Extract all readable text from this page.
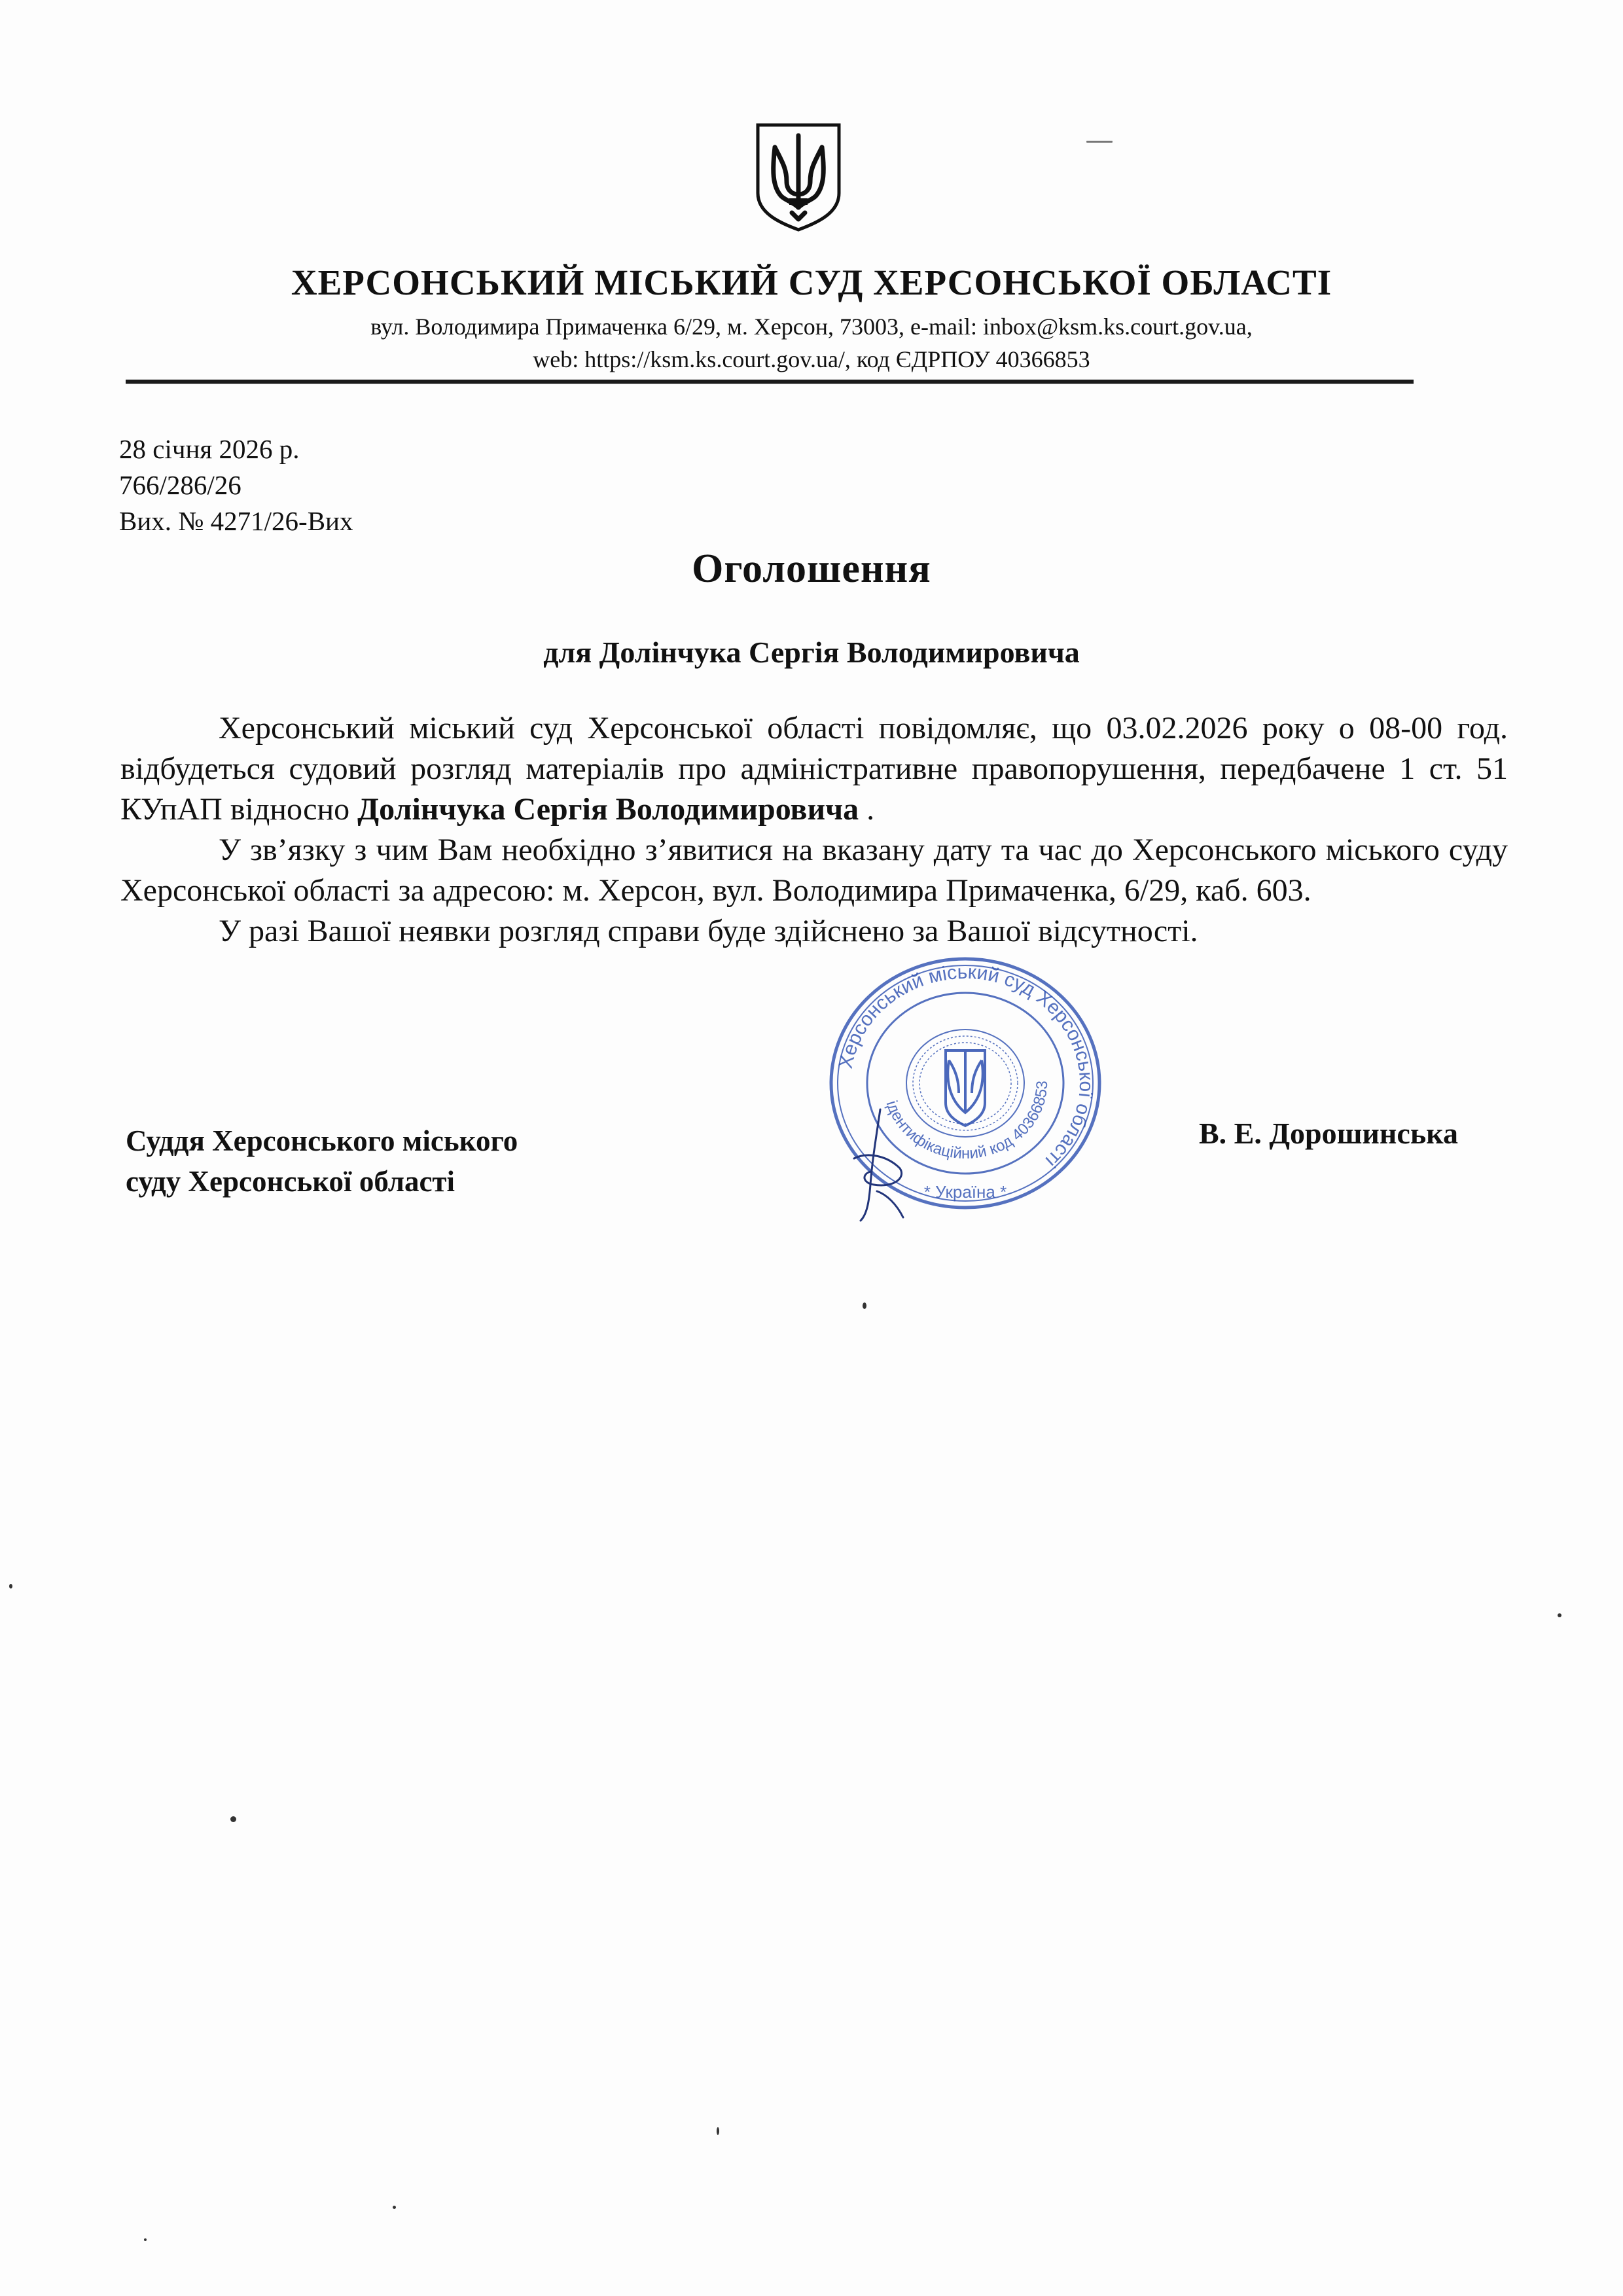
ХЕРСОНСЬКИЙ МІСЬКИЙ СУД ХЕРСОНСЬКОЇ ОБЛАСТІ
вул. Володимира Примаченка 6/29, м. Херсон, 73003, e-mail: inbox@ksm.ks.court.gov.ua,
web: https://ksm.ks.court.gov.ua/, код ЄДРПОУ 40366853
28 січня 2026 р.
766/286/26
Вих. № 4271/26-Вих
Оголошення
для Долінчука Сергія Володимировича

Херсонський міський суд Херсонської області повідомляє, що 03.02.2026 року о 08-00 год. відбудеться судовий розгляд матеріалів про адміністративне правопорушення, передбачене 1 ст. 51 КУпАП відносно Долінчука Сергія Володимировича .

У зв’язку з чим Вам необхідно з’явитися на вказану дату та час до Херсонського міського суду Херсонської області за адресою: м. Херсон, вул. Володимира Примаченка, 6/29, каб. 603.

У разі Вашої неявки розгляд справи буде здійснено за Вашої відсутності.

Херсонський міський суд Херсонської області
ідентифікаційний код 40366853
* Україна *
Суддя Херсонського міського
суду Херсонської області
В. Е. Дорошинська
